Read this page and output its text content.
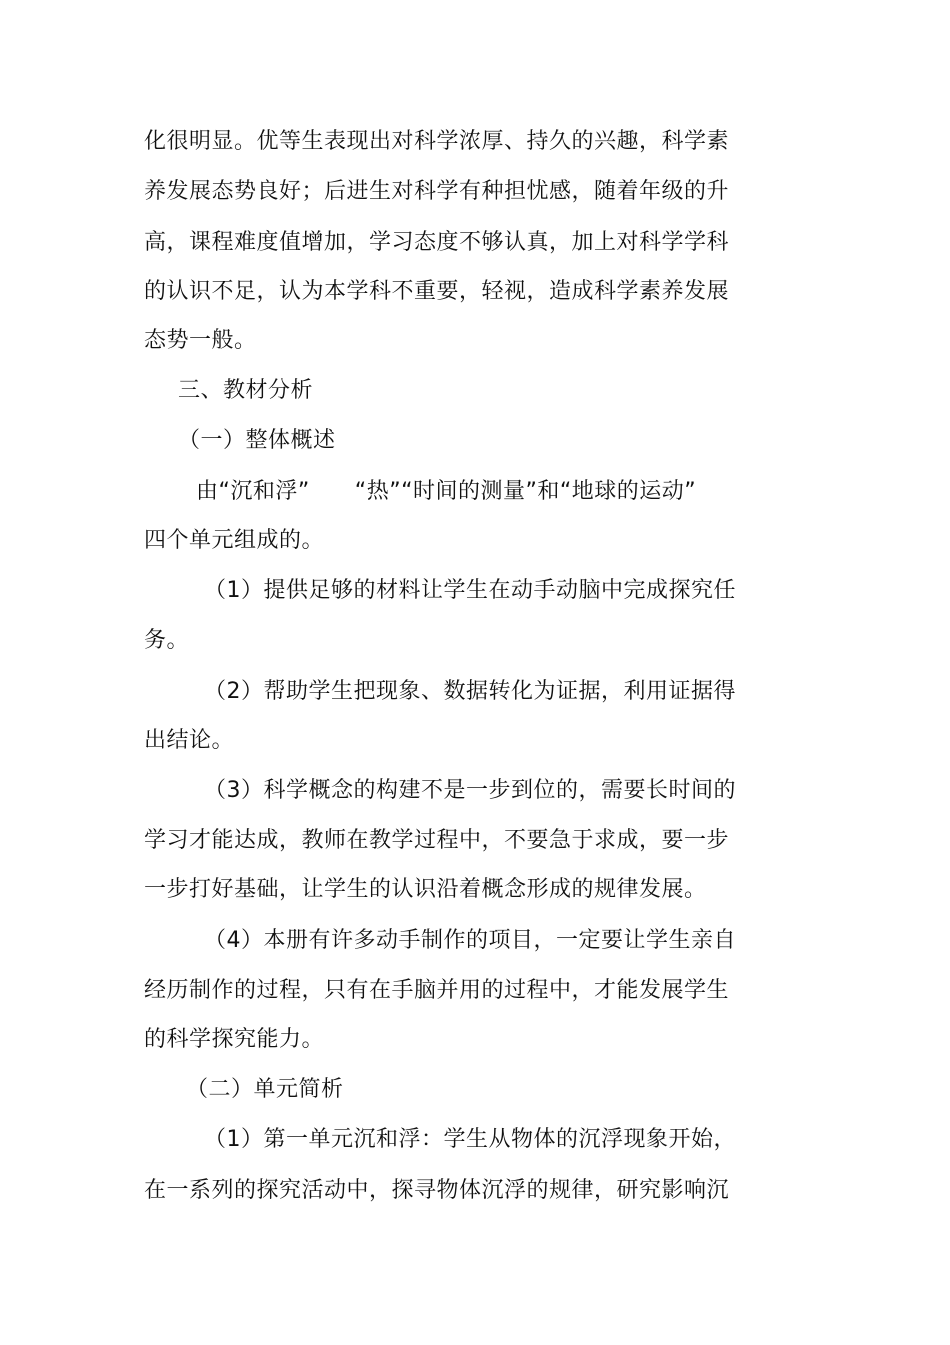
化很明显。优等生表现出对科学浓厚、持久的兴趣，科学素
养发展态势良好；后进生对科学有种担忧感，随着年级的升
高，课程难度值增加，学习态度不够认真，加上对科学学科
的认识不足，认为本学科不重要，轻视，造成科学素养发展
态势一般。
三、教材分析
（一）整体概述
由“沉和浮”　　“热”“时间的测量”和“地球的运动”
四个单元组成的。
（1）提供足够的材料让学生在动手动脑中完成探究任
务。
（2）帮助学生把现象、数据转化为证据，利用证据得
出结论。
（3）科学概念的构建不是一步到位的，需要长时间的
学习才能达成，教师在教学过程中，不要急于求成，要一步
一步打好基础，让学生的认识沿着概念形成的规律发展。
（4）本册有许多动手制作的项目，一定要让学生亲自
经历制作的过程，只有在手脑并用的过程中，才能发展学生
的科学探究能力。
（二）单元简析
（1）第一单元沉和浮：学生从物体的沉浮现象开始，
在一系列的探究活动中，探寻物体沉浮的规律，研究影响沉
